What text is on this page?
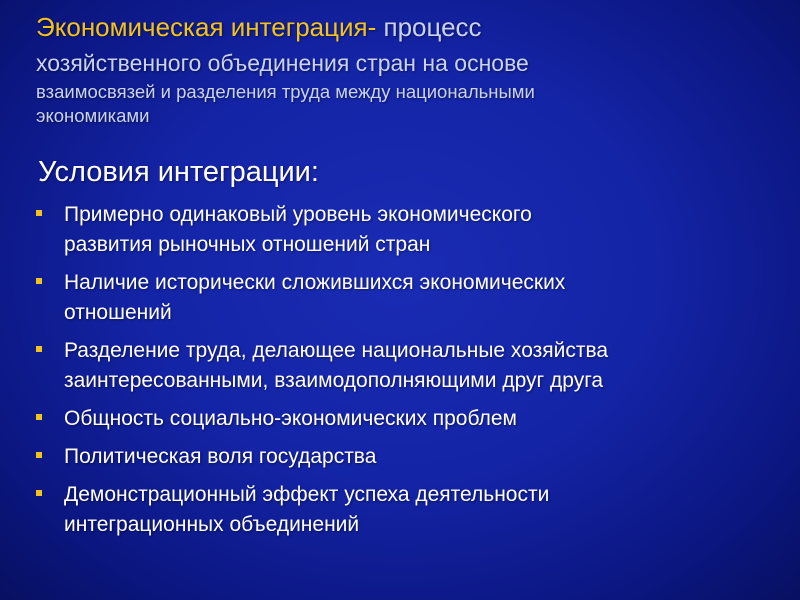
Экономическая интеграция- процесс
хозяйственного объединения стран на основе
взаимосвязей и разделения труда между национальными
экономиками
Условия интеграции:
Примерно одинаковый уровень экономического
развития рыночных отношений стран
Наличие исторически сложившихся экономических
отношений
Разделение труда, делающее национальные хозяйства
заинтересованными, взаимодополняющими друг друга
Общность социально-экономических проблем
Политическая воля государства
Демонстрационный эффект успеха деятельности
интеграционных объединений
